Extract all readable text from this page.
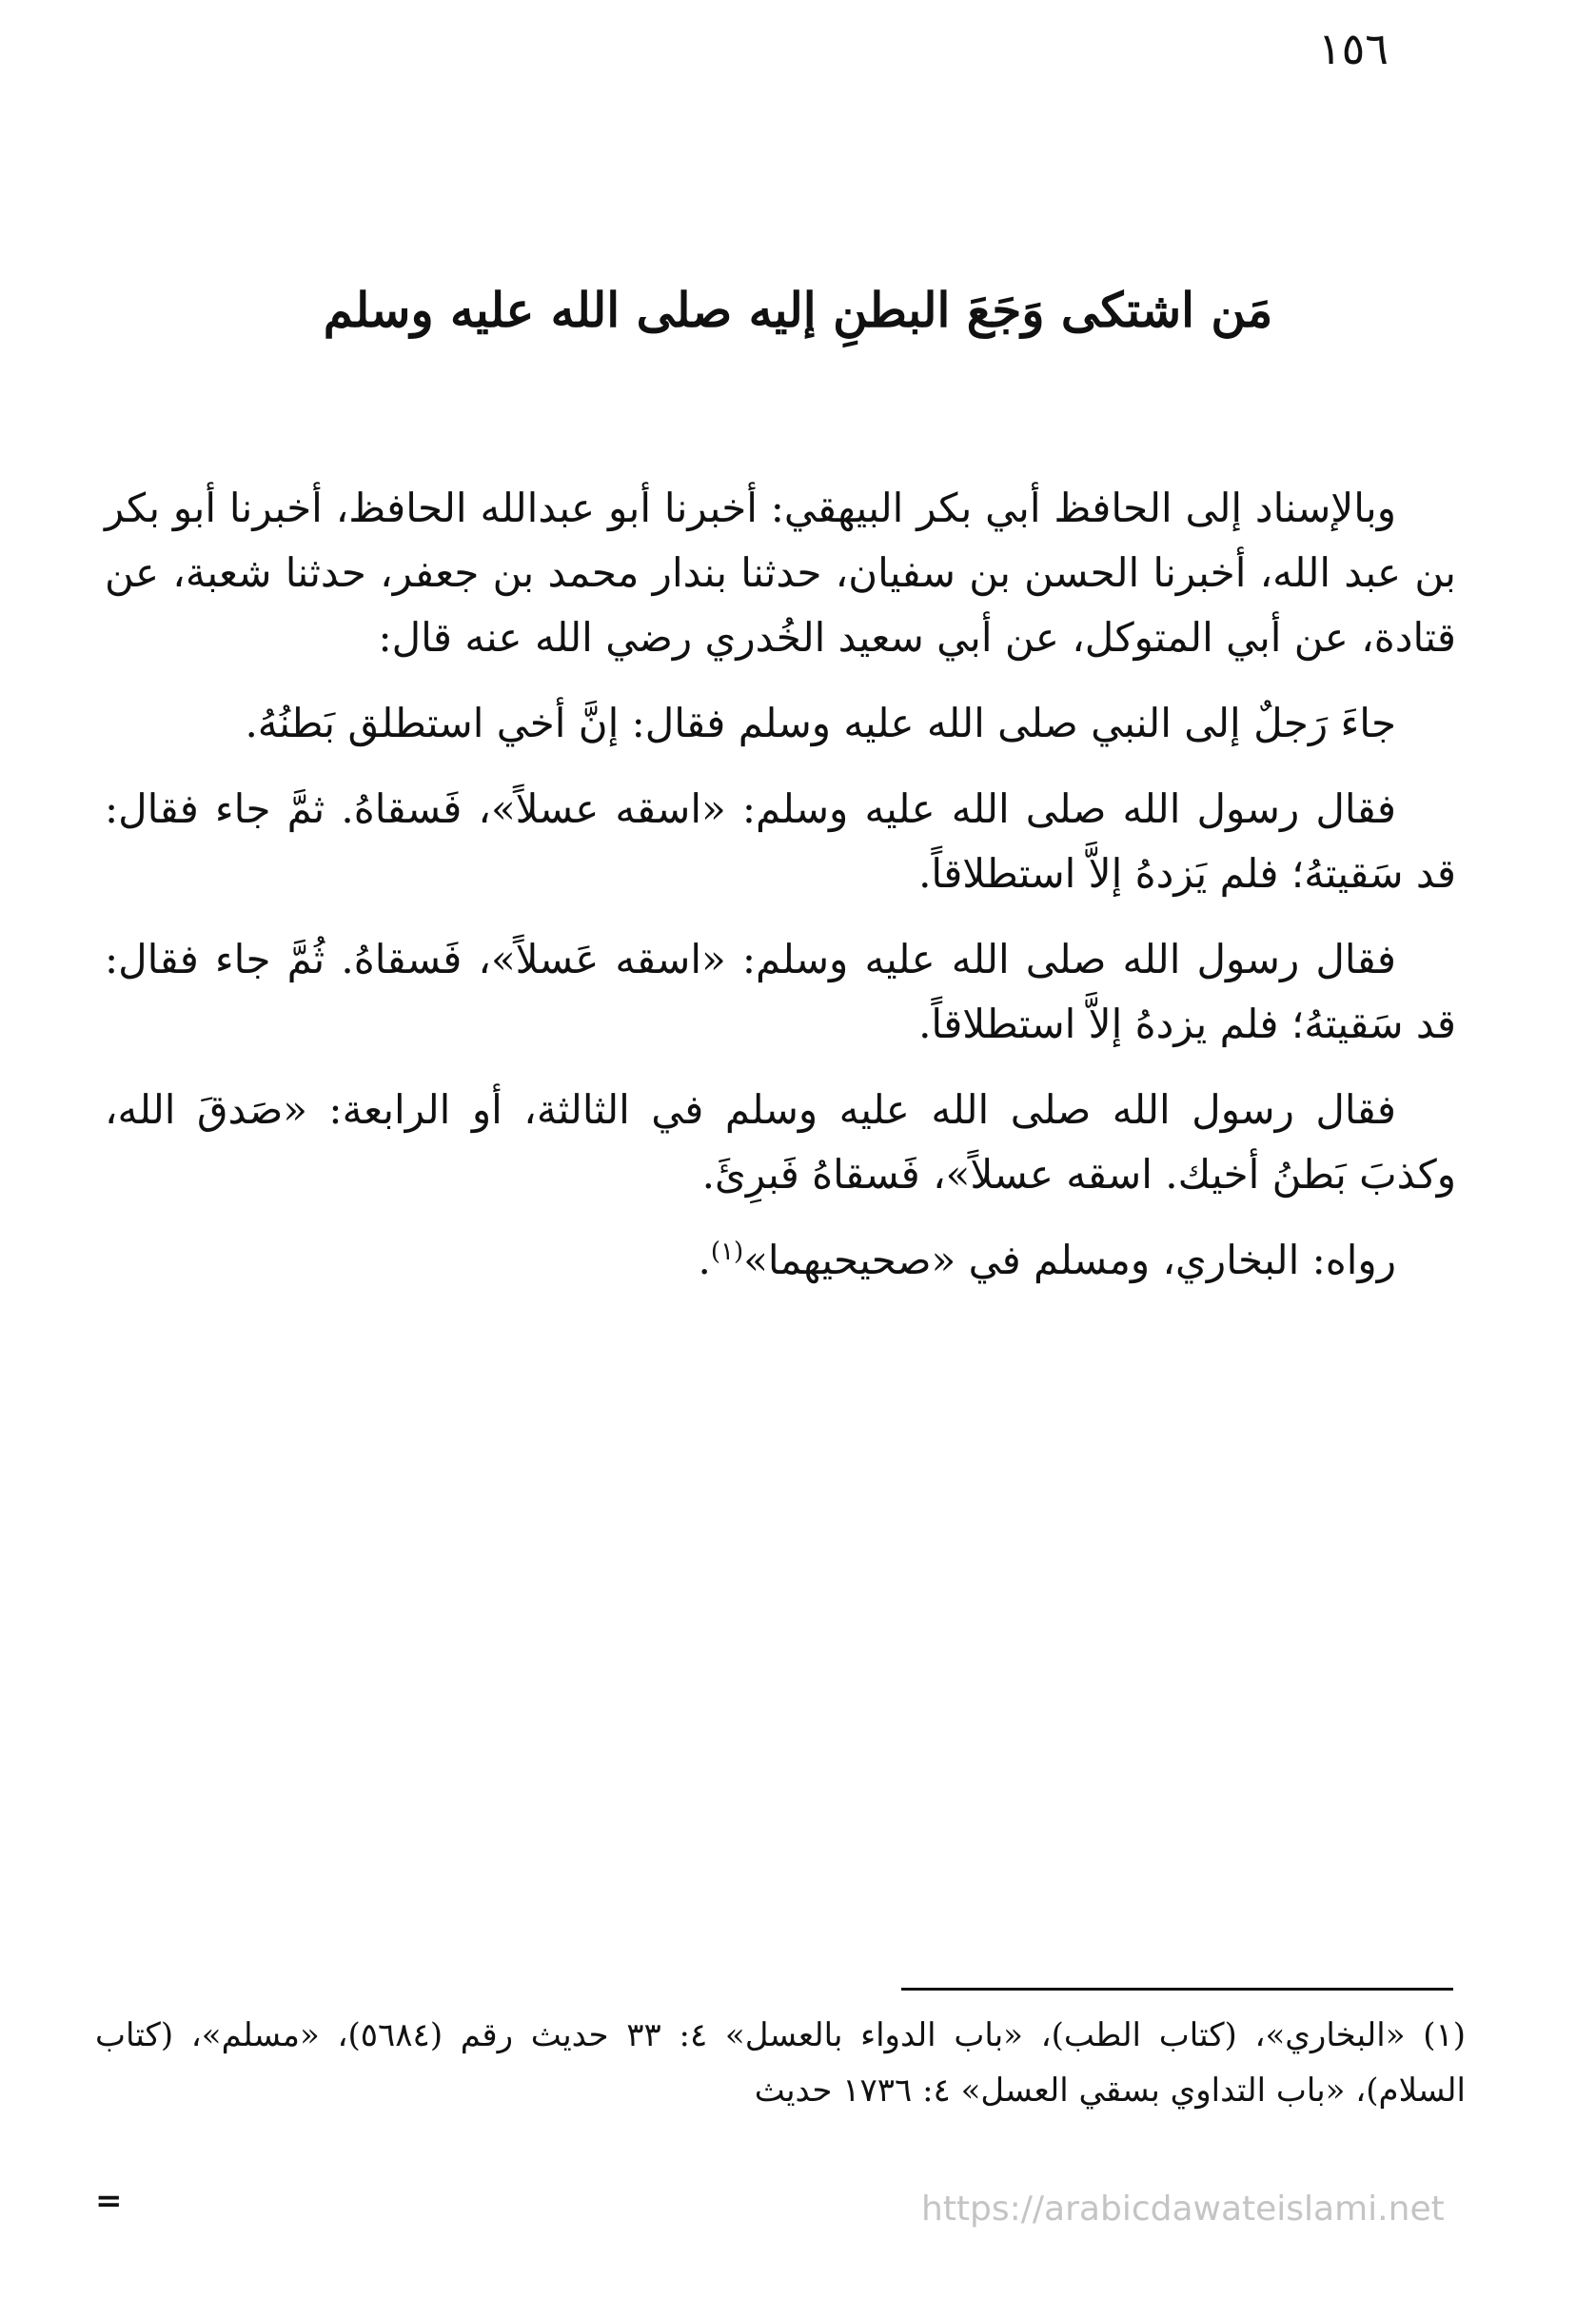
١٥٦
مَن اشتكى وَجَعَ البطنِ إليه صلى الله عليه وسلم

وبالإسناد إلى الحافظ أبي بكر البيهقي: أخبرنا أبو عبدالله الحافظ، أخبرنا أبو بكر بن عبد الله، أخبرنا الحسن بن سفيان، حدثنا بندار محمد بن جعفر، حدثنا شعبة، عن قتادة، عن أبي المتوكل، عن أبي سعيد الخُدري رضي الله عنه قال:

جاءَ رَجلٌ إلى النبي صلى الله عليه وسلم فقال: إنَّ أخي استطلق بَطنُهُ.

فقال رسول الله صلى الله عليه وسلم: «اسقه عسلاً»، فَسقاهُ. ثمَّ جاء فقال: قد سَقيتهُ؛ فلم يَزدهُ إلاَّ استطلاقاً.

فقال رسول الله صلى الله عليه وسلم: «اسقه عَسلاً»، فَسقاهُ. ثُمَّ جاء فقال: قد سَقيتهُ؛ فلم يزدهُ إلاَّ استطلاقاً.

فقال رسول الله صلى الله عليه وسلم في الثالثة، أو الرابعة: «صَدقَ الله، وكذبَ بَطنُ أخيك. اسقه عسلاً»، فَسقاهُ فَبرِئَ.

رواه: البخاري، ومسلم في «صحيحيهما»$^{(١)}$.

(١) «البخاري»، (كتاب الطب)، «باب الدواء بالعسل» ٤: ٣٣ حديث رقم (٥٦٨٤)، «مسلم»، (كتاب السلام)، «باب التداوي بسقي العسل» ٤: ١٧٣٦ حديث

=	https://arabicdawateislami.net
